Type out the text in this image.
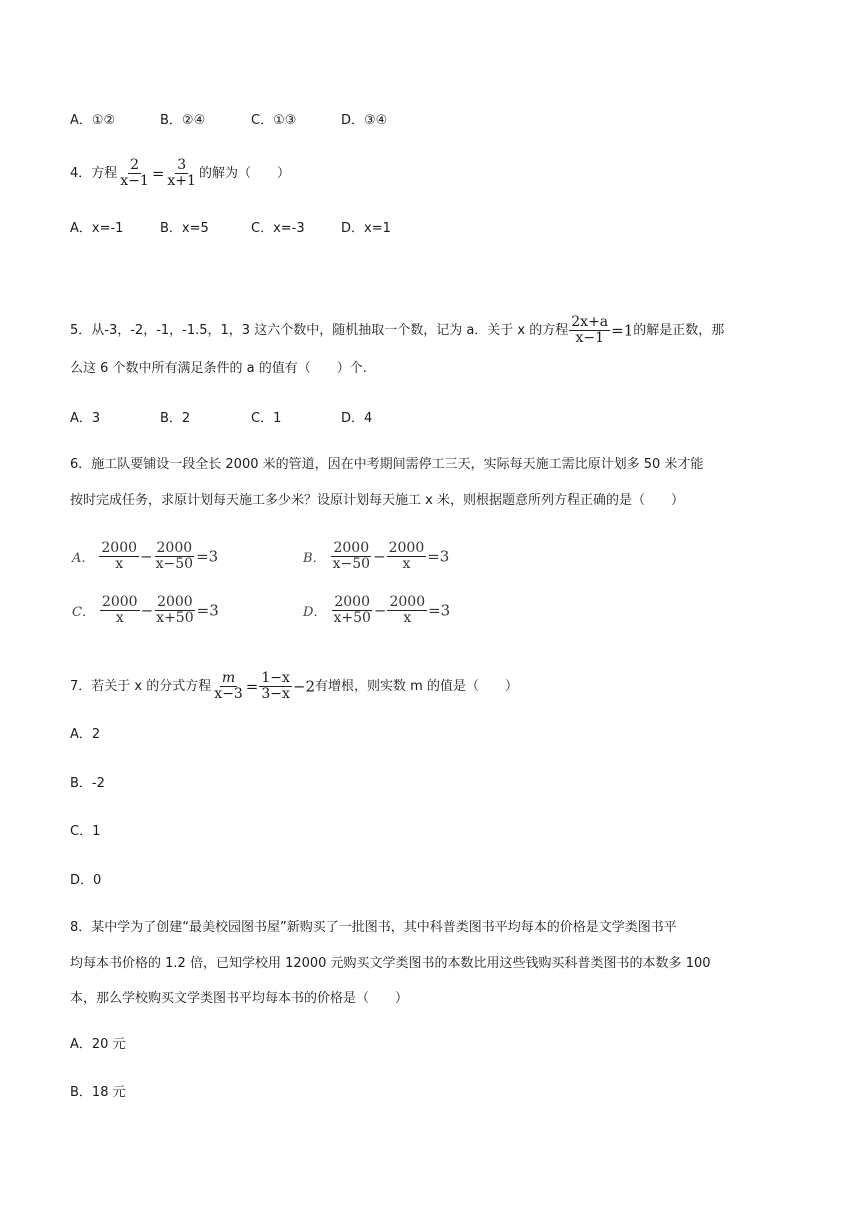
A．①②	B．②④	C．①③	D．③④
4．方程 $\frac{2}{x-1} = \frac{3}{x+1}$ 的解为（　　）
A．x=-1	B．x=5	C．x=-3	D．x=1
5．从-3，-2，-1，-1.5，1，3 这六个数中，随机抽取一个数，记为 a．关于 x 的方程 $\frac{2x+a}{x-1} =1$的解是正数，那
么这 6 个数中所有满足条件的 a 的值有（　　）个.
A．3	B．2	C．1	D．4
6．施工队要铺设一段全长 2000 米的管道，因在中考期间需停工三天，实际每天施工需比原计划多 50 米才能
按时完成任务，求原计划每天施工多少米？设原计划每天施工 x 米，则根据题意所列方程正确的是（　　）
A． $\frac{2000}{x} - \frac{2000}{x-50} =3$	B． $\frac{2000}{x-50} - \frac{2000}{x} =3$
C． $\frac{2000}{x} - \frac{2000}{x+50} =3$	D． $\frac{2000}{x+50} - \frac{2000}{x} =3$
7．若关于 x 的分式方程 $\frac{m}{x-3} = \frac{1-x}{3-x} -2$有增根，则实数 m 的值是（　　）
A．2
B．-2
C．1
D．0
8．某中学为了创建“最美校园图书屋”新购买了一批图书，其中科普类图书平均每本的价格是文学类图书平
均每本书价格的 1.2 倍，已知学校用 12000 元购买文学类图书的本数比用这些钱购买科普类图书的本数多 100
本，那么学校购买文学类图书平均每本书的价格是（　　）
A．20 元
B．18 元
